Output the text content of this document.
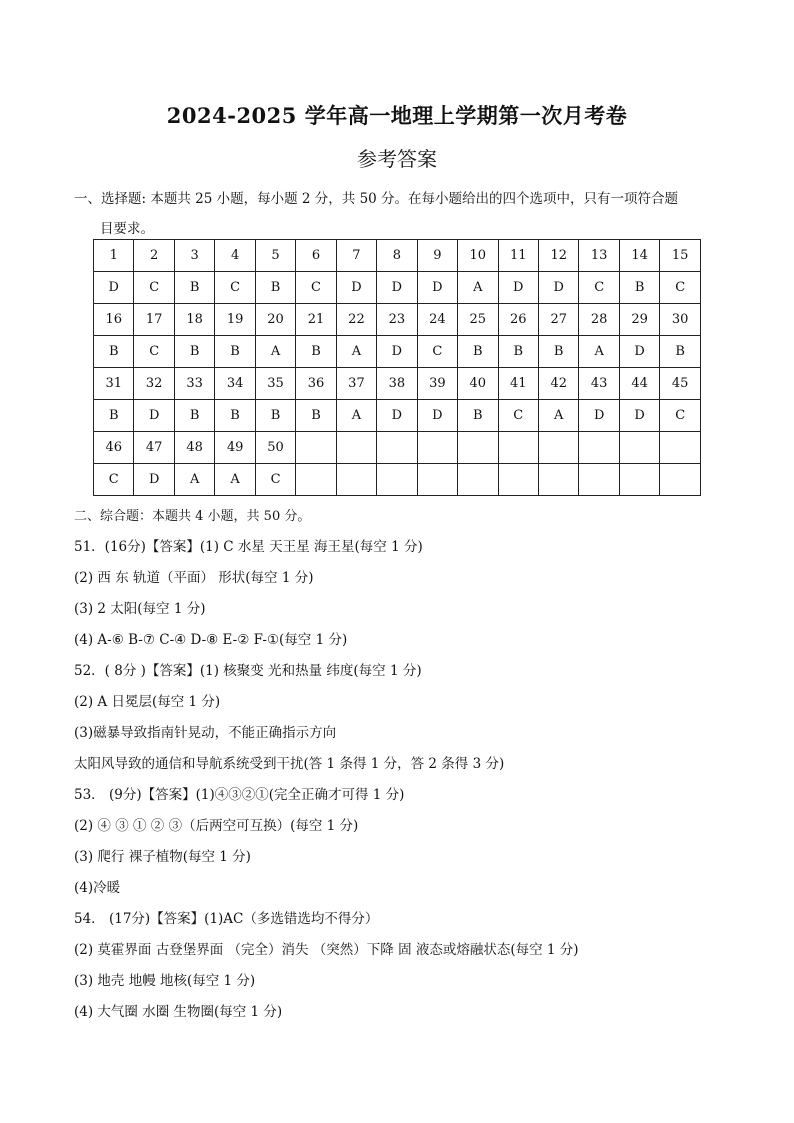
2024-2025 学年高一地理上学期第一次月考卷
参考答案
一、选择题: 本题共 25 小题，每小题 2 分，共 50 分。在每小题给出的四个选项中，只有一项符合题
目要求。
1	2	3	4	5	6	7	8	9	10	11	12	13	14	15
D	C	B	C	B	C	D	D	D	A	D	D	C	B	C
16	17	18	19	20	21	22	23	24	25	26	27	28	29	30
B	C	B	B	A	B	A	D	C	B	B	B	A	D	B
31	32	33	34	35	36	37	38	39	40	41	42	43	44	45
B	D	B	B	B	B	A	D	D	B	C	A	D	D	C
46	47	48	49	50										
C	D	A	A	C										
二、综合题：本题共 4 小题，共 50 分。
51．(16分)【答案】(1) C 水星 天王星 海王星(每空 1 分)
(2) 西 东 轨道（平面） 形状(每空 1 分)
(3) 2 太阳(每空 1 分)
(4) A-⑥ B-⑦ C-④ D-⑧ E-② F-①(每空 1 分)
52．( 8分 )【答案】(1) 核聚变 光和热量 纬度(每空 1 分)
(2) A 日冕层(每空 1 分)
(3)磁暴导致指南针晃动，不能正确指示方向
太阳风导致的通信和导航系统受到干扰(答 1 条得 1 分，答 2 条得 3 分)
53． (9分)【答案】(1)④③②①(完全正确才可得 1 分)
(2) ④ ③ ① ② ③（后两空可互换）(每空 1 分)
(3) 爬行 裸子植物(每空 1 分)
(4)冷暖
54． (17分)【答案】(1)AC（多选错选均不得分）
(2) 莫霍界面 古登堡界面 （完全）消失 （突然）下降 固 液态或熔融状态(每空 1 分)
(3) 地壳 地幔 地核(每空 1 分)
(4) 大气圈 水圈 生物圈(每空 1 分)
